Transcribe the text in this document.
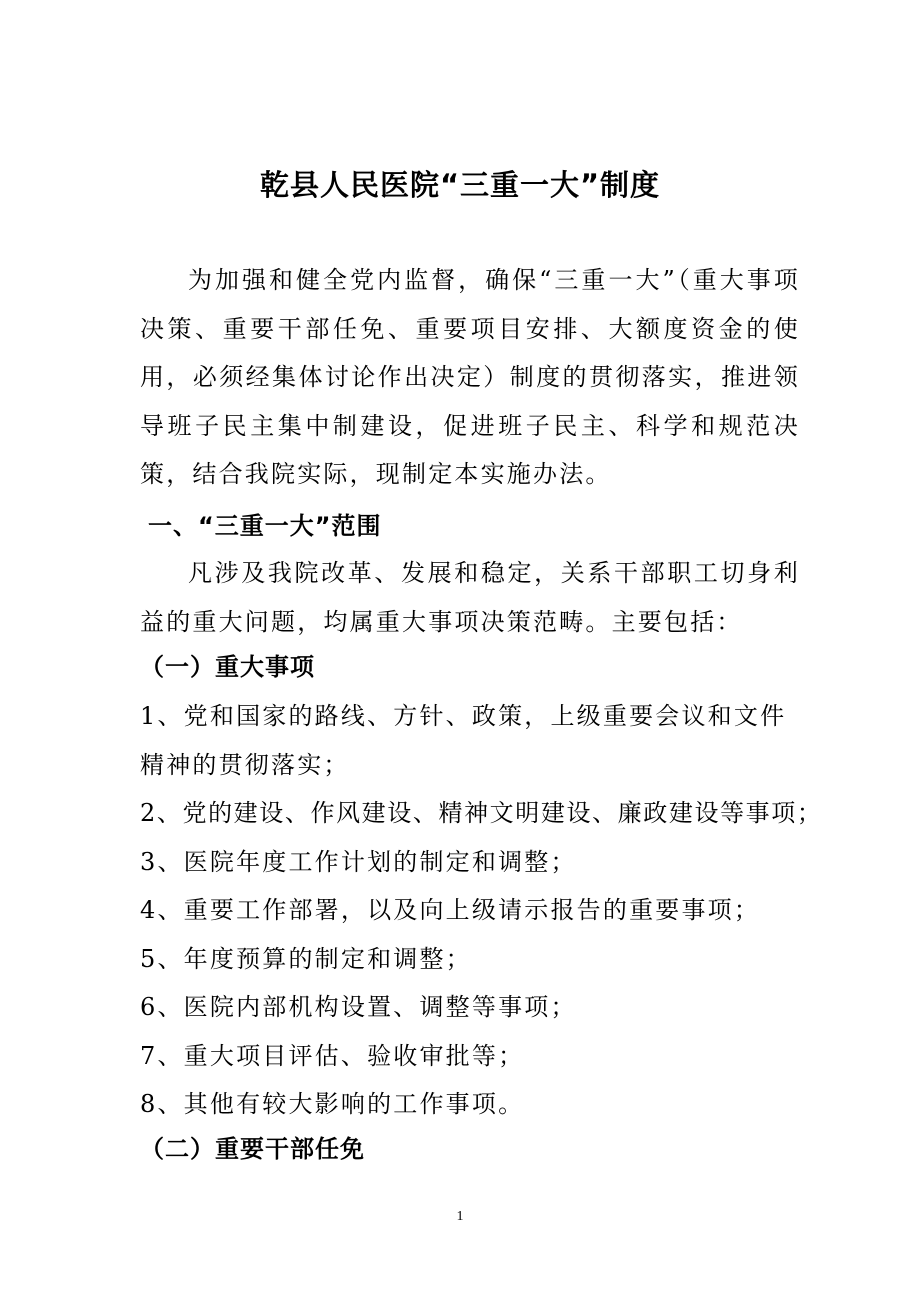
乾县人民医院“三重一大”制度

为加强和健全党内监督，确保“三重一大”（重大事项决策、重要干部任免、重要项目安排、大额度资金的使用，必须经集体讨论作出决定）制度的贯彻落实，推进领导班子民主集中制建设，促进班子民主、科学和规范决策，结合我院实际，现制定本实施办法。

一、“三重一大”范围

凡涉及我院改革、发展和稳定，关系干部职工切身利益的重大问题，均属重大事项决策范畴。主要包括：

（一）重大事项
1、党和国家的路线、方针、政策，上级重要会议和文件精神的贯彻落实；
2、党的建设、作风建设、精神文明建设、廉政建设等事项；
3、医院年度工作计划的制定和调整；
4、重要工作部署，以及向上级请示报告的重要事项；
5、年度预算的制定和调整；
6、医院内部机构设置、调整等事项；
7、重大项目评估、验收审批等；
8、其他有较大影响的工作事项。
（二）重要干部任免
1
